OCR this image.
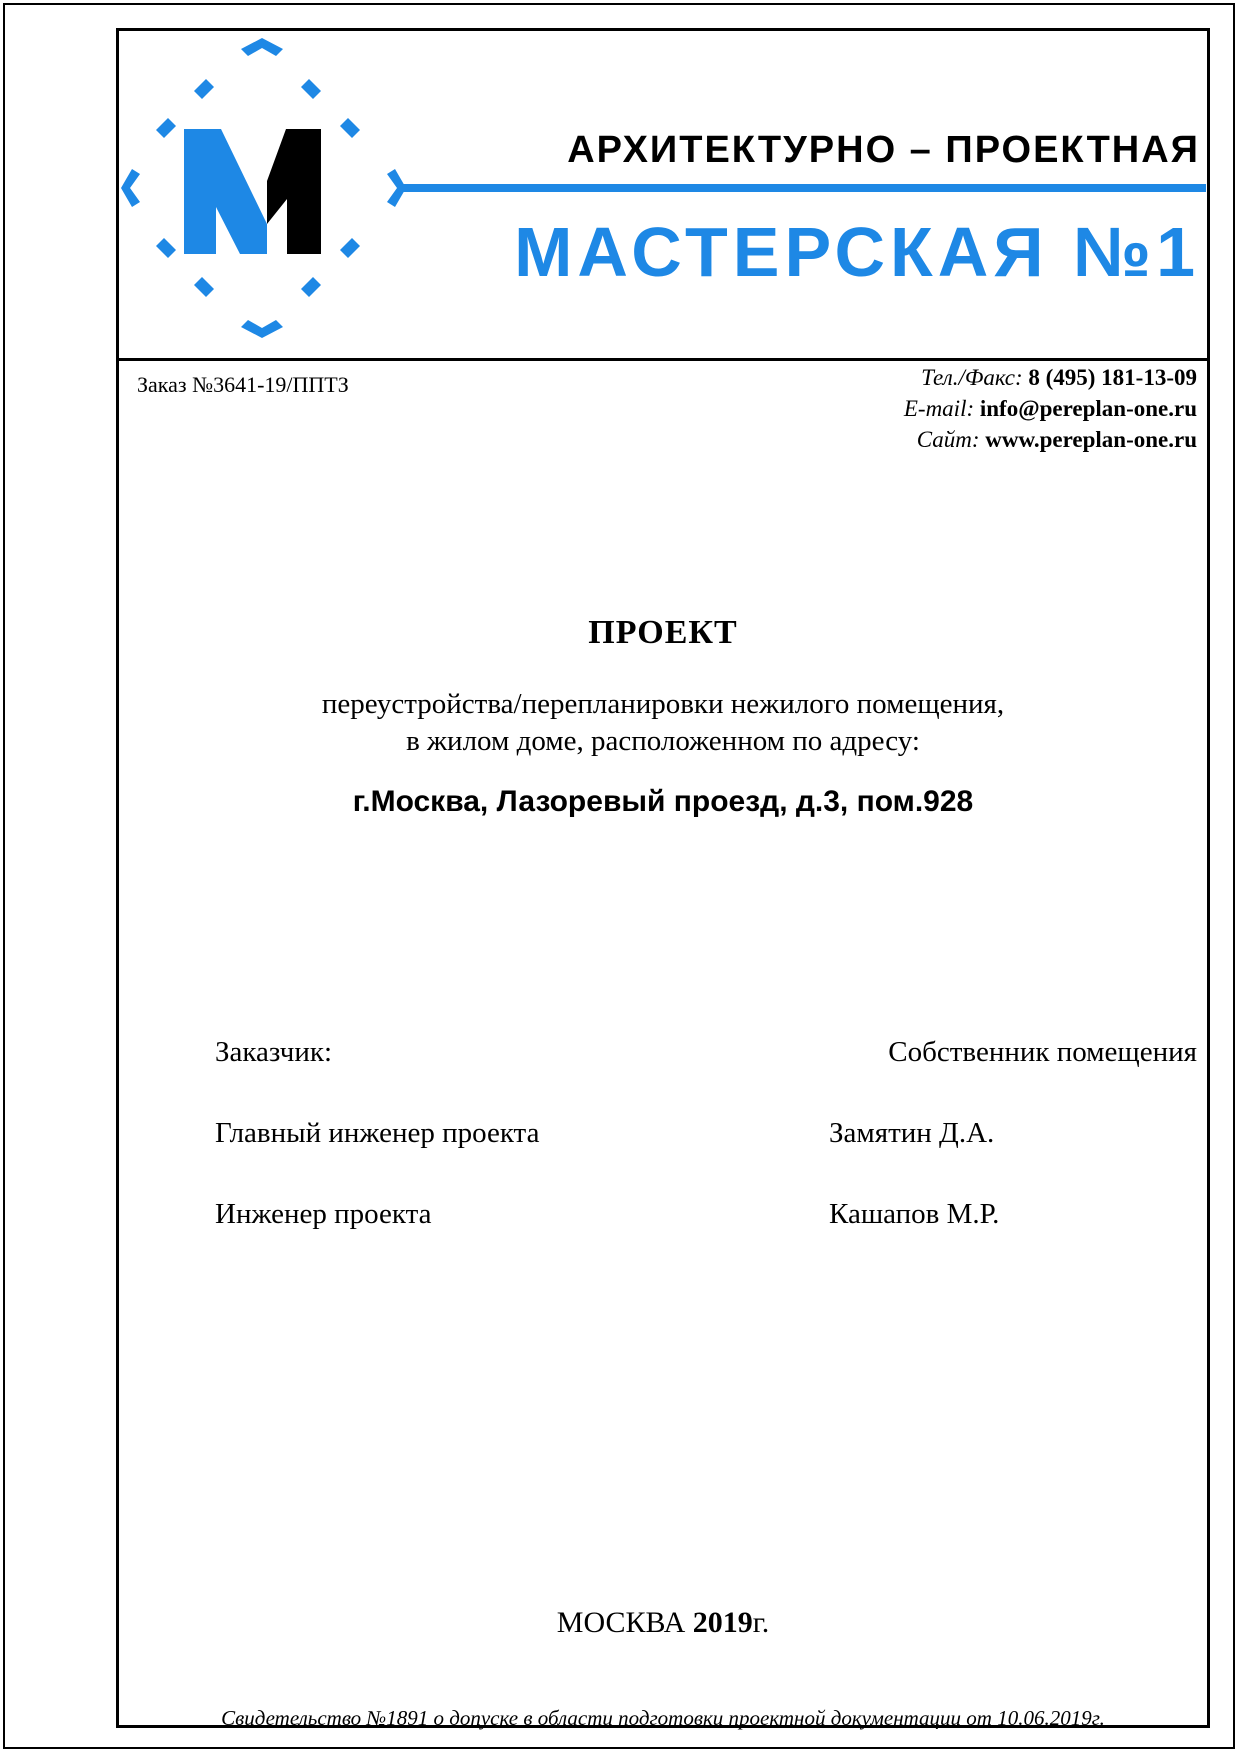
АРХИТЕКТУРНО – ПРОЕКТНАЯ
МАСТЕРСКАЯ №1
Заказ №3641-19/ППТЗ	Тел./Факс: 8 (495) 181-13-09
E-mail: info@pereplan-one.ru
Сайт: www.pereplan-one.ru
ПРОЕКТ
переустройства/перепланировки нежилого помещения,
в жилом доме, расположенном по адресу:
г.Москва, Лазоревый проезд, д.3, пом.928
Заказчик:	Собственник помещения
Главный инженер проекта	Замятин Д.А.
Инженер проекта	Кашапов М.Р.
МОСКВА 2019г.
Свидетельство №1891 о допуске в области подготовки проектной документации от 10.06.2019г.
